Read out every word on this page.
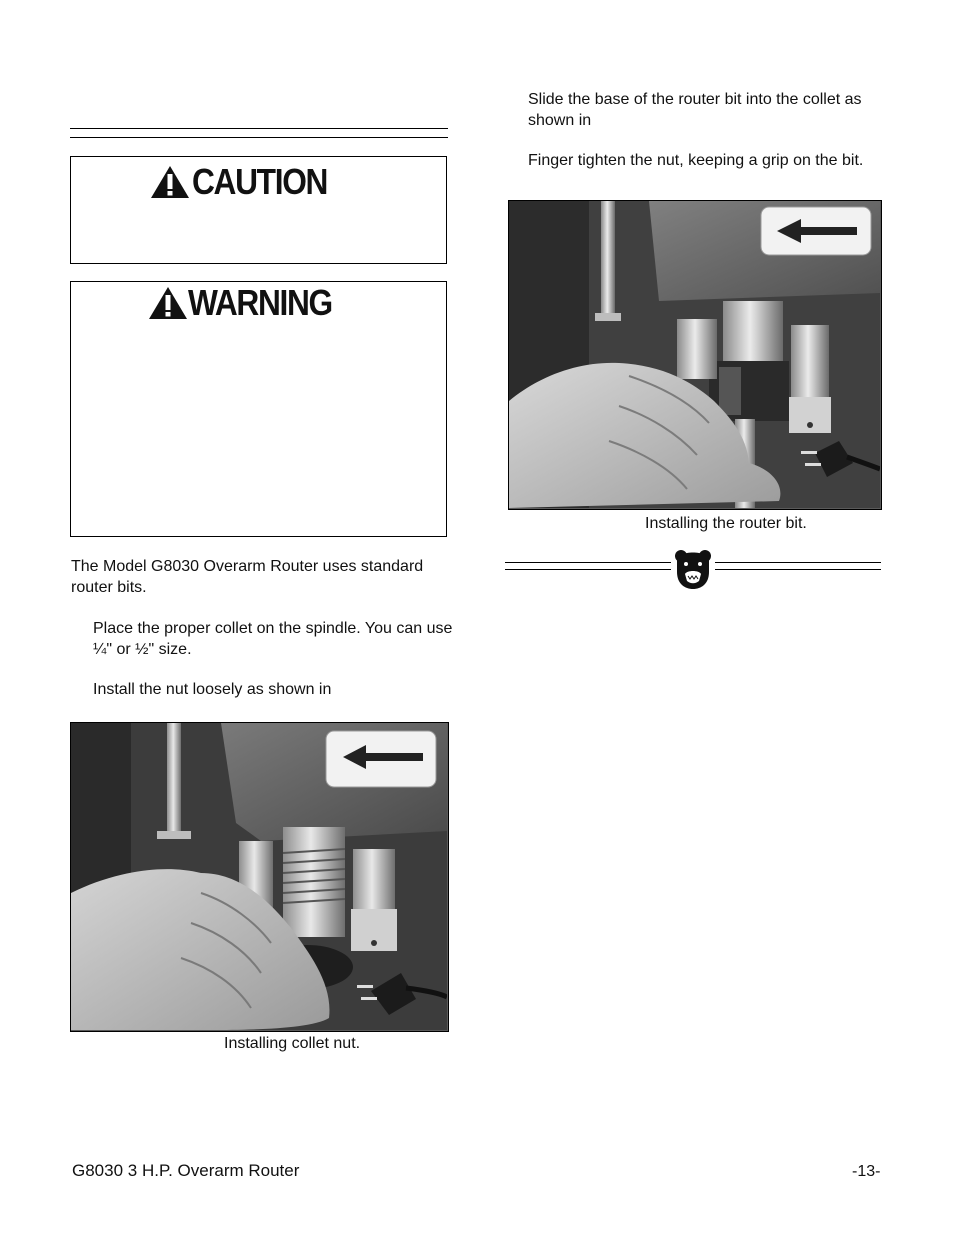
CAUTION
WARNING
The Model G8030 Overarm Router uses standard router bits.
Place the proper collet on the spindle. You can use ¼" or ½" size.
Install the nut loosely as shown in
Installing collet nut.
Slide the base of the router bit into the collet as shown in
Finger tighten the nut, keeping a grip on the bit.
Installing the router bit.
G8030 3 H.P. Overarm Router	-13-
